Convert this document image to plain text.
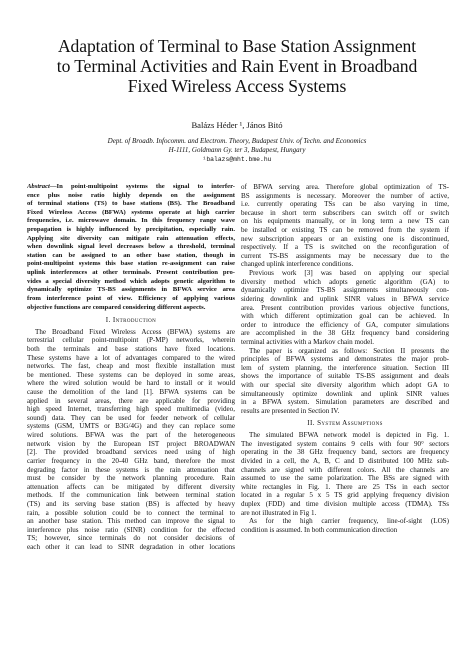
Adaptation of Terminal to Base Station Assignment
to Terminal Activities and Rain Event in Broadband
Fixed Wireless Access Systems
Balázs Héder ¹, János Bitó
Dept. of Broadb. Infocomm. and Electrom. Theory, Budapest Univ. of Techn. and Economics
H-1111, Goldmann Gy. ter 3, Budapest, Hungary
¹balazs@mht.bme.hu
Abstract—In point-multipoint systems the signal to interfer-
ence plus noise ratio highly depends on the assignment
of terminal stations (TS) to base stations (BS). The Broadband
Fixed Wireless Access (BFWA) systems operate at high carrier
frequencies, i.e. microwave domain. In this frequency range wave
propagation is highly influenced by precipitation, especially rain.
Applying site diversity can mitigate rain attenuation effects,
when downlink signal level decreases below a threshold, terminal
station can be assigned to an other base station, though in
point-multipoint systems this base station re-assignment can raise
uplink interferences at other terminals. Present contribution pro-
vides a special diversity method which adopts genetic algorithm to
dynamically optimize TS-BS assignments in BFWA service area
from interference point of view. Efficiency of applying various
objective functions are compared considering different aspects.
I. Introduction
The Broadband Fixed Wireless Access (BFWA) systems are
terrestrial cellular point-multipoint (P-MP) networks, wherein
both the terminals and base stations have fixed locations.
These systems have a lot of advantages compared to the wired
networks. The fast, cheap and most flexible installation must
be mentioned. These systems can be deployed in some areas,
where the wired solution would be hard to install or it would
cause the demolition of the land [1]. BFWA systems can be
applied in several areas, there are applicable for providing
high speed Internet, transferring high speed multimedia (video,
sound) data. They can be used for feeder network of cellular
systems (GSM, UMTS or B3G/4G) and they can replace some
wired solutions. BFWA was the part of the heterogeneous
network vision by the European IST project BROADWAN
[2]. The provided broadband services need using of high
carrier frequency in the 20-40 GHz band, therefore the most
degrading factor in these systems is the rain attenuation that
must be consider by the network planning procedure. Rain
attenuation affects can be mitigated by different diversity
methods. If the communication link between terminal station
(TS) and its serving base station (BS) is affected by heavy
rain, a possible solution could be to connect the terminal to
an another base station. This method can improve the signal to
interference plus noise ratio (SINR) condition for the effected
TS; however, since terminals do not consider decisions of
each other it can lead to SINR degradation in other locations
of BFWA serving area. Therefore global optimization of TS-
BS assignments is necessary. Moreover the number of active,
i.e. currently operating TSs can be also varying in time,
because in short term subscribers can switch off or switch
on his equipments manually, or in long term a new TS can
be installed or existing TS can be removed from the system if
new subscription appears or an existing one is discontinued,
respectively. If a TS is switched on the reconfiguration of
current TS-BS assignments may be necessary due to the
changed uplink interference conditions.
Previous work [3] was based on applying our special
diversity method which adopts genetic algorithm (GA) to
dynamically optimize TS-BS assignments simultaneously con-
sidering downlink and uplink SINR values in BFWA service
area. Present contribution provides various objective functions,
with which different optimization goal can be achieved. In
order to introduce the efficiency of GA, computer simulations
are accomplished in the 38 GHz frequency band considering
terminal activities with a Markov chain model.
The paper is organized as follows: Section II presents the
principles of BFWA systems and demonstrates the major prob-
lem of system planning, the interference situation. Section III
shows the importance of suitable TS-BS assignment and deals
with our special site diversity algorithm which adopt GA to
simultaneously optimize downlink and uplink SINR values
in a BFWA system. Simulation parameters are described and
results are presented in Section IV.
II. System Assumptions
The simulated BFWA network model is depicted in Fig. 1.
The investigated system contains 9 cells with four 90° sectors
operating in the 38 GHz frequency band, sectors are frequency
divided in a cell, the A, B, C and D distributed 100 MHz sub-
channels are signed with different colors. All the channels are
assumed to use the same polarization. The BSs are signed with
white rectangles in Fig. 1. There are 25 TSs in each sector
located in a regular 5 x 5 TS grid applying frequency division
duplex (FDD) and time division multiple access (TDMA). TSs
are not illustrated in Fig 1.
As for the high carrier frequency, line-of-sight (LOS)
condition is assumed. In both communication direction
